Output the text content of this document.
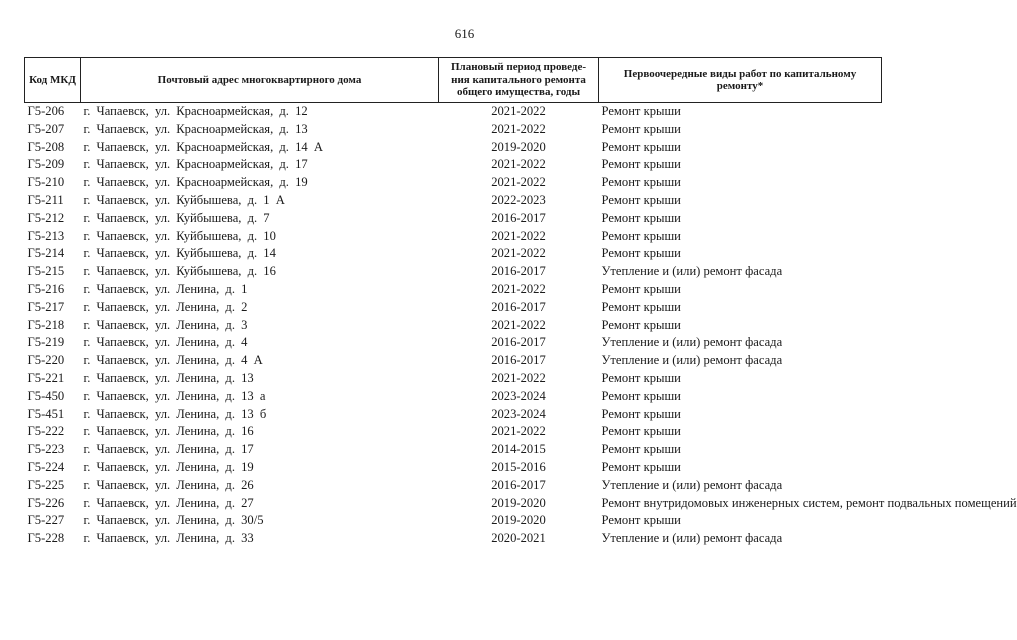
616
Код МКД	Почтовый адрес многоквартирного дома	Плановый период проведе-ния капитального ремонта общего имущества, годы	Первоочередные виды работ по капитальному ремонту*
Г5-206	г. Чапаевск, ул. Красноармейская, д. 12	2021-2022	Ремонт крыши
Г5-207	г. Чапаевск, ул. Красноармейская, д. 13	2021-2022	Ремонт крыши
Г5-208	г. Чапаевск, ул. Красноармейская, д. 14 А	2019-2020	Ремонт крыши
Г5-209	г. Чапаевск, ул. Красноармейская, д. 17	2021-2022	Ремонт крыши
Г5-210	г. Чапаевск, ул. Красноармейская, д. 19	2021-2022	Ремонт крыши
Г5-211	г. Чапаевск, ул. Куйбышева, д. 1 А	2022-2023	Ремонт крыши
Г5-212	г. Чапаевск, ул. Куйбышева, д. 7	2016-2017	Ремонт крыши
Г5-213	г. Чапаевск, ул. Куйбышева, д. 10	2021-2022	Ремонт крыши
Г5-214	г. Чапаевск, ул. Куйбышева, д. 14	2021-2022	Ремонт крыши
Г5-215	г. Чапаевск, ул. Куйбышева, д. 16	2016-2017	Утепление и (или) ремонт фасада
Г5-216	г. Чапаевск, ул. Ленина, д. 1	2021-2022	Ремонт крыши
Г5-217	г. Чапаевск, ул. Ленина, д. 2	2016-2017	Ремонт крыши
Г5-218	г. Чапаевск, ул. Ленина, д. 3	2021-2022	Ремонт крыши
Г5-219	г. Чапаевск, ул. Ленина, д. 4	2016-2017	Утепление и (или) ремонт фасада
Г5-220	г. Чапаевск, ул. Ленина, д. 4 А	2016-2017	Утепление и (или) ремонт фасада
Г5-221	г. Чапаевск, ул. Ленина, д. 13	2021-2022	Ремонт крыши
Г5-450	г. Чапаевск, ул. Ленина, д. 13 а	2023-2024	Ремонт крыши
Г5-451	г. Чапаевск, ул. Ленина, д. 13 б	2023-2024	Ремонт крыши
Г5-222	г. Чапаевск, ул. Ленина, д. 16	2021-2022	Ремонт крыши
Г5-223	г. Чапаевск, ул. Ленина, д. 17	2014-2015	Ремонт крыши
Г5-224	г. Чапаевск, ул. Ленина, д. 19	2015-2016	Ремонт крыши
Г5-225	г. Чапаевск, ул. Ленина, д. 26	2016-2017	Утепление и (или) ремонт фасада
Г5-226	г. Чапаевск, ул. Ленина, д. 27	2019-2020	Ремонт внутридомовых инженерных систем, ремонт подвальных помещений
Г5-227	г. Чапаевск, ул. Ленина, д. 30/5	2019-2020	Ремонт крыши
Г5-228	г. Чапаевск, ул. Ленина, д. 33	2020-2021	Утепление и (или) ремонт фасада
